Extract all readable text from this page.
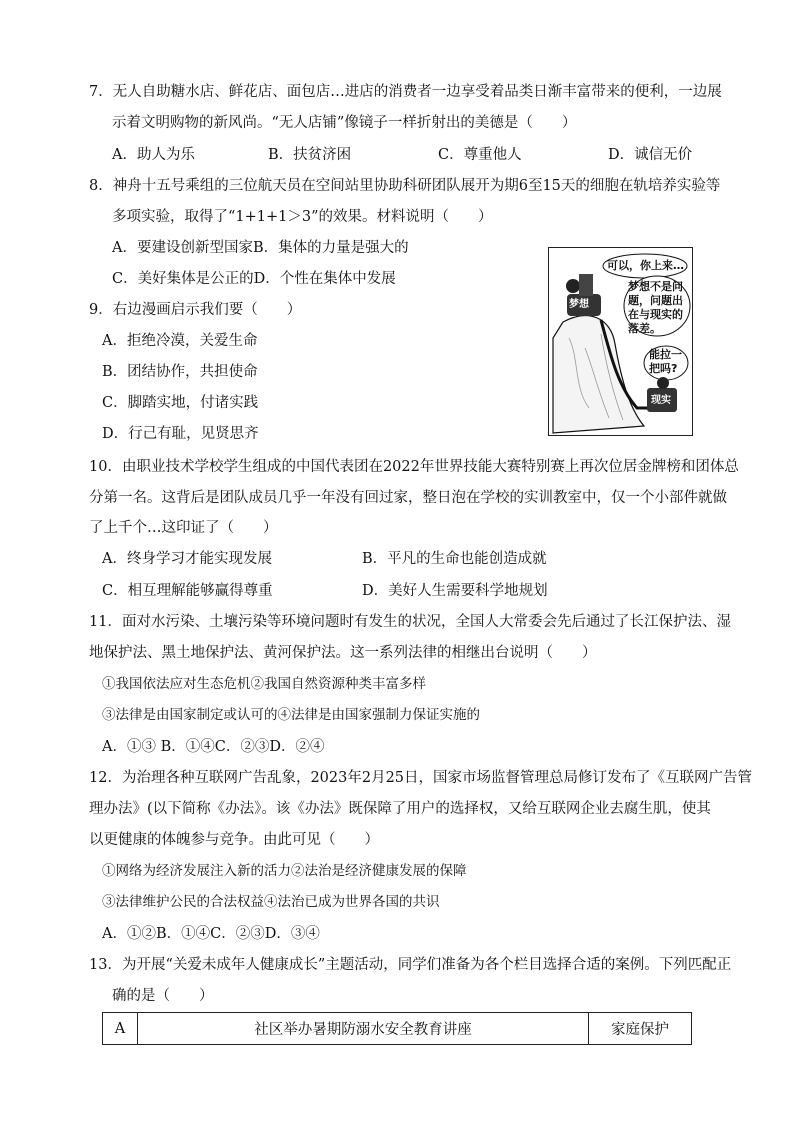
7．无人自助糖水店、鲜花店、面包店…进店的消费者一边享受着品类日渐丰富带来的便利，一边展
示着文明购物的新风尚。“无人店铺”像镜子一样折射出的美德是（　　）
A．助人为乐	B．扶贫济困	C．尊重他人	D．诚信无价
8．神舟十五号乘组的三位航天员在空间站里协助科研团队展开为期6至15天的细胞在轨培养实验等
多项实验，取得了“1+1+1＞3”的效果。材料说明（　　）
A．要建设创新型国家B．集体的力量是强大的
C．美好集体是公正的D．个性在集体中发展
9．右边漫画启示我们要（　　）
A．拒绝冷漠，关爱生命
B．团结协作，共担使命
C．脚踏实地，付诸实践
D．行己有耻，见贤思齐
可以，你上来…
梦想不是问
题，问题出
在与现实的
落差。
能拉一
把吗?
梦想
现实
10．由职业技术学校学生组成的中国代表团在2022年世界技能大赛特别赛上再次位居金牌榜和团体总
分第一名。这背后是团队成员几乎一年没有回过家，整日泡在学校的实训教室中，仅一个小部件就做
了上千个…这印证了（　　）
A．终身学习才能实现发展	B．平凡的生命也能创造成就
C．相互理解能够赢得尊重	D．美好人生需要科学地规划
11．面对水污染、土壤污染等环境问题时有发生的状况，全国人大常委会先后通过了长江保护法、湿
地保护法、黑土地保护法、黄河保护法。这一系列法律的相继出台说明（　　）
①我国依法应对生态危机②我国自然资源种类丰富多样
③法律是由国家制定或认可的④法律是由国家强制力保证实施的
A．①③ B．①④C．②③D．②④
12．为治理各种互联网广告乱象，2023年2月25日，国家市场监督管理总局修订发布了《互联网广告管
理办法》(以下简称《办法》。该《办法》既保障了用户的选择权，又给互联网企业去腐生肌，使其
以更健康的体魄参与竞争。由此可见（　　）
①网络为经济发展注入新的活力②法治是经济健康发展的保障
③法律维护公民的合法权益④法治已成为世界各国的共识
A．①②B．①④C．②③D．③④
13．为开展“关爱未成年人健康成长”主题活动，同学们准备为各个栏目选择合适的案例。下列匹配正
确的是（　　）
A	社区举办暑期防溺水安全教育讲座	家庭保护
